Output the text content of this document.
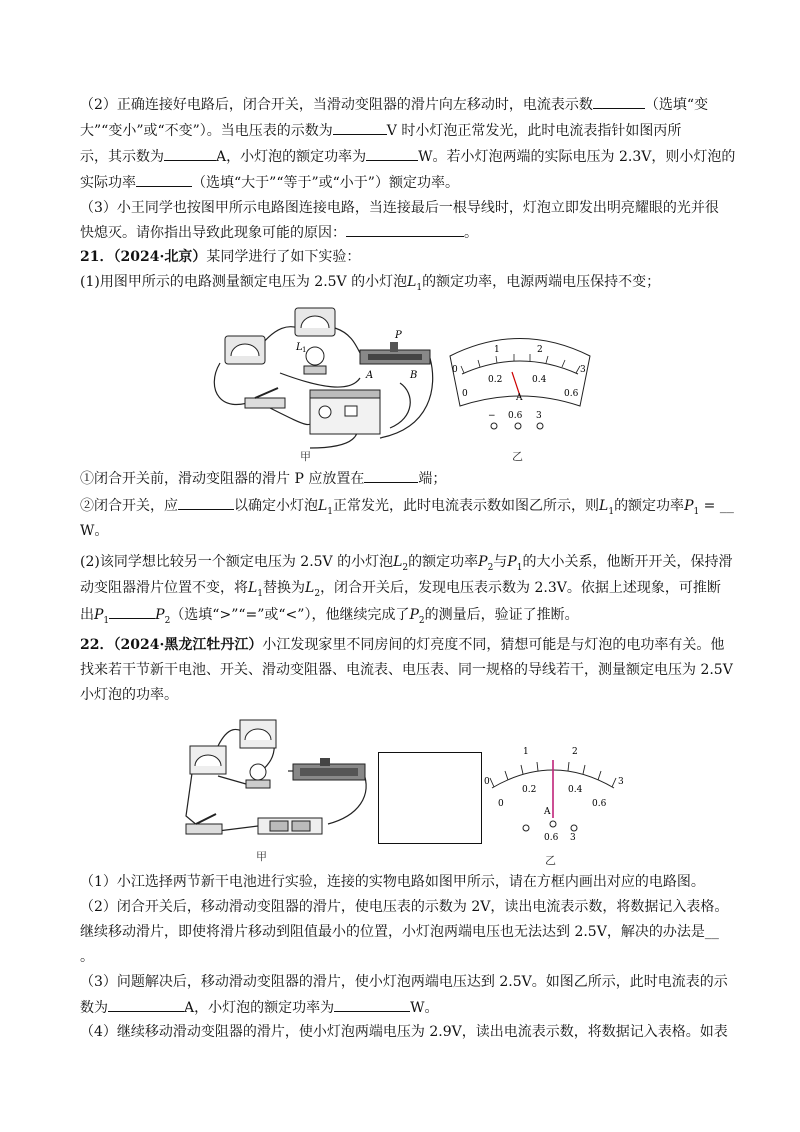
（2）正确连接好电路后，闭合开关，当滑动变阻器的滑片向左移动时，电流表示数	（选填“变
大”“变小”或“不变”）。当电压表的示数为	V 时小灯泡正常发光，此时电流表指针如图丙所
示，其示数为	A，小灯泡的额定功率为	W。若小灯泡两端的实际电压为 2.3V，则小灯泡的
实际功率	（选填“大于”“等于”或“小于”）额定功率。
（3）小王同学也按图甲所示电路图连接电路，当连接最后一根导线时，灯泡立即发出明亮耀眼的光并很
快熄灭。请你指出导致此现象可能的原因：	。
21．（2024·北京）某同学进行了如下实验：
(1)用图甲所示的电路测量额定电压为 2.5V 的小灯泡$L_1$的额定功率，电源两端电压保持不变；
L 1
P
A	B
甲
0
1	2
3
0.2	0.4
0	0.6
A
− 0.6 3
乙
①闭合开关前，滑动变阻器的滑片 P 应放置在	端；
②闭合开关，应	以确定小灯泡$L_1$正常发光，此时电流表示数如图乙所示，则$L_1$的额定功率$P_1$ = __
W。
(2)该同学想比较另一个额定电压为 2.5V 的小灯泡$L_2$的额定功率$P_2$与$P_1$的大小关系，他断开开关，保持滑
动变阻器滑片位置不变，将$L_1$替换为$L_2$，闭合开关后，发现电压表示数为 2.3V。依据上述现象，可推断
出$P_1$	$P_2$（选填“>”“=”或“<”），他继续完成了$P_2$的测量后，验证了推断。
22．（2024·黑龙江牡丹江）小江发现家里不同房间的灯亮度不同，猜想可能是与灯泡的电功率有关。他
找来若干节新干电池、开关、滑动变阻器、电流表、电压表、同一规格的导线若干，测量额定电压为 2.5V
小灯泡的功率。
甲
0
1	2
3
0.2	0.4
0	0.6
A
0.6 3
乙
（1）小江选择两节新干电池进行实验，连接的实物电路如图甲所示，请在方框内画出对应的电路图。
（2）闭合开关后，移动滑动变阻器的滑片，使电压表的示数为 2V，读出电流表示数，将数据记入表格。
继续移动滑片，即使将滑片移动到阻值最小的位置，小灯泡两端电压也无法达到 2.5V，解决的办法是__
。
（3）问题解决后，移动滑动变阻器的滑片，使小灯泡两端电压达到 2.5V。如图乙所示，此时电流表的示
数为	A，小灯泡的额定功率为	W。
（4）继续移动滑动变阻器的滑片，使小灯泡两端电压为 2.9V，读出电流表示数，将数据记入表格。如表
